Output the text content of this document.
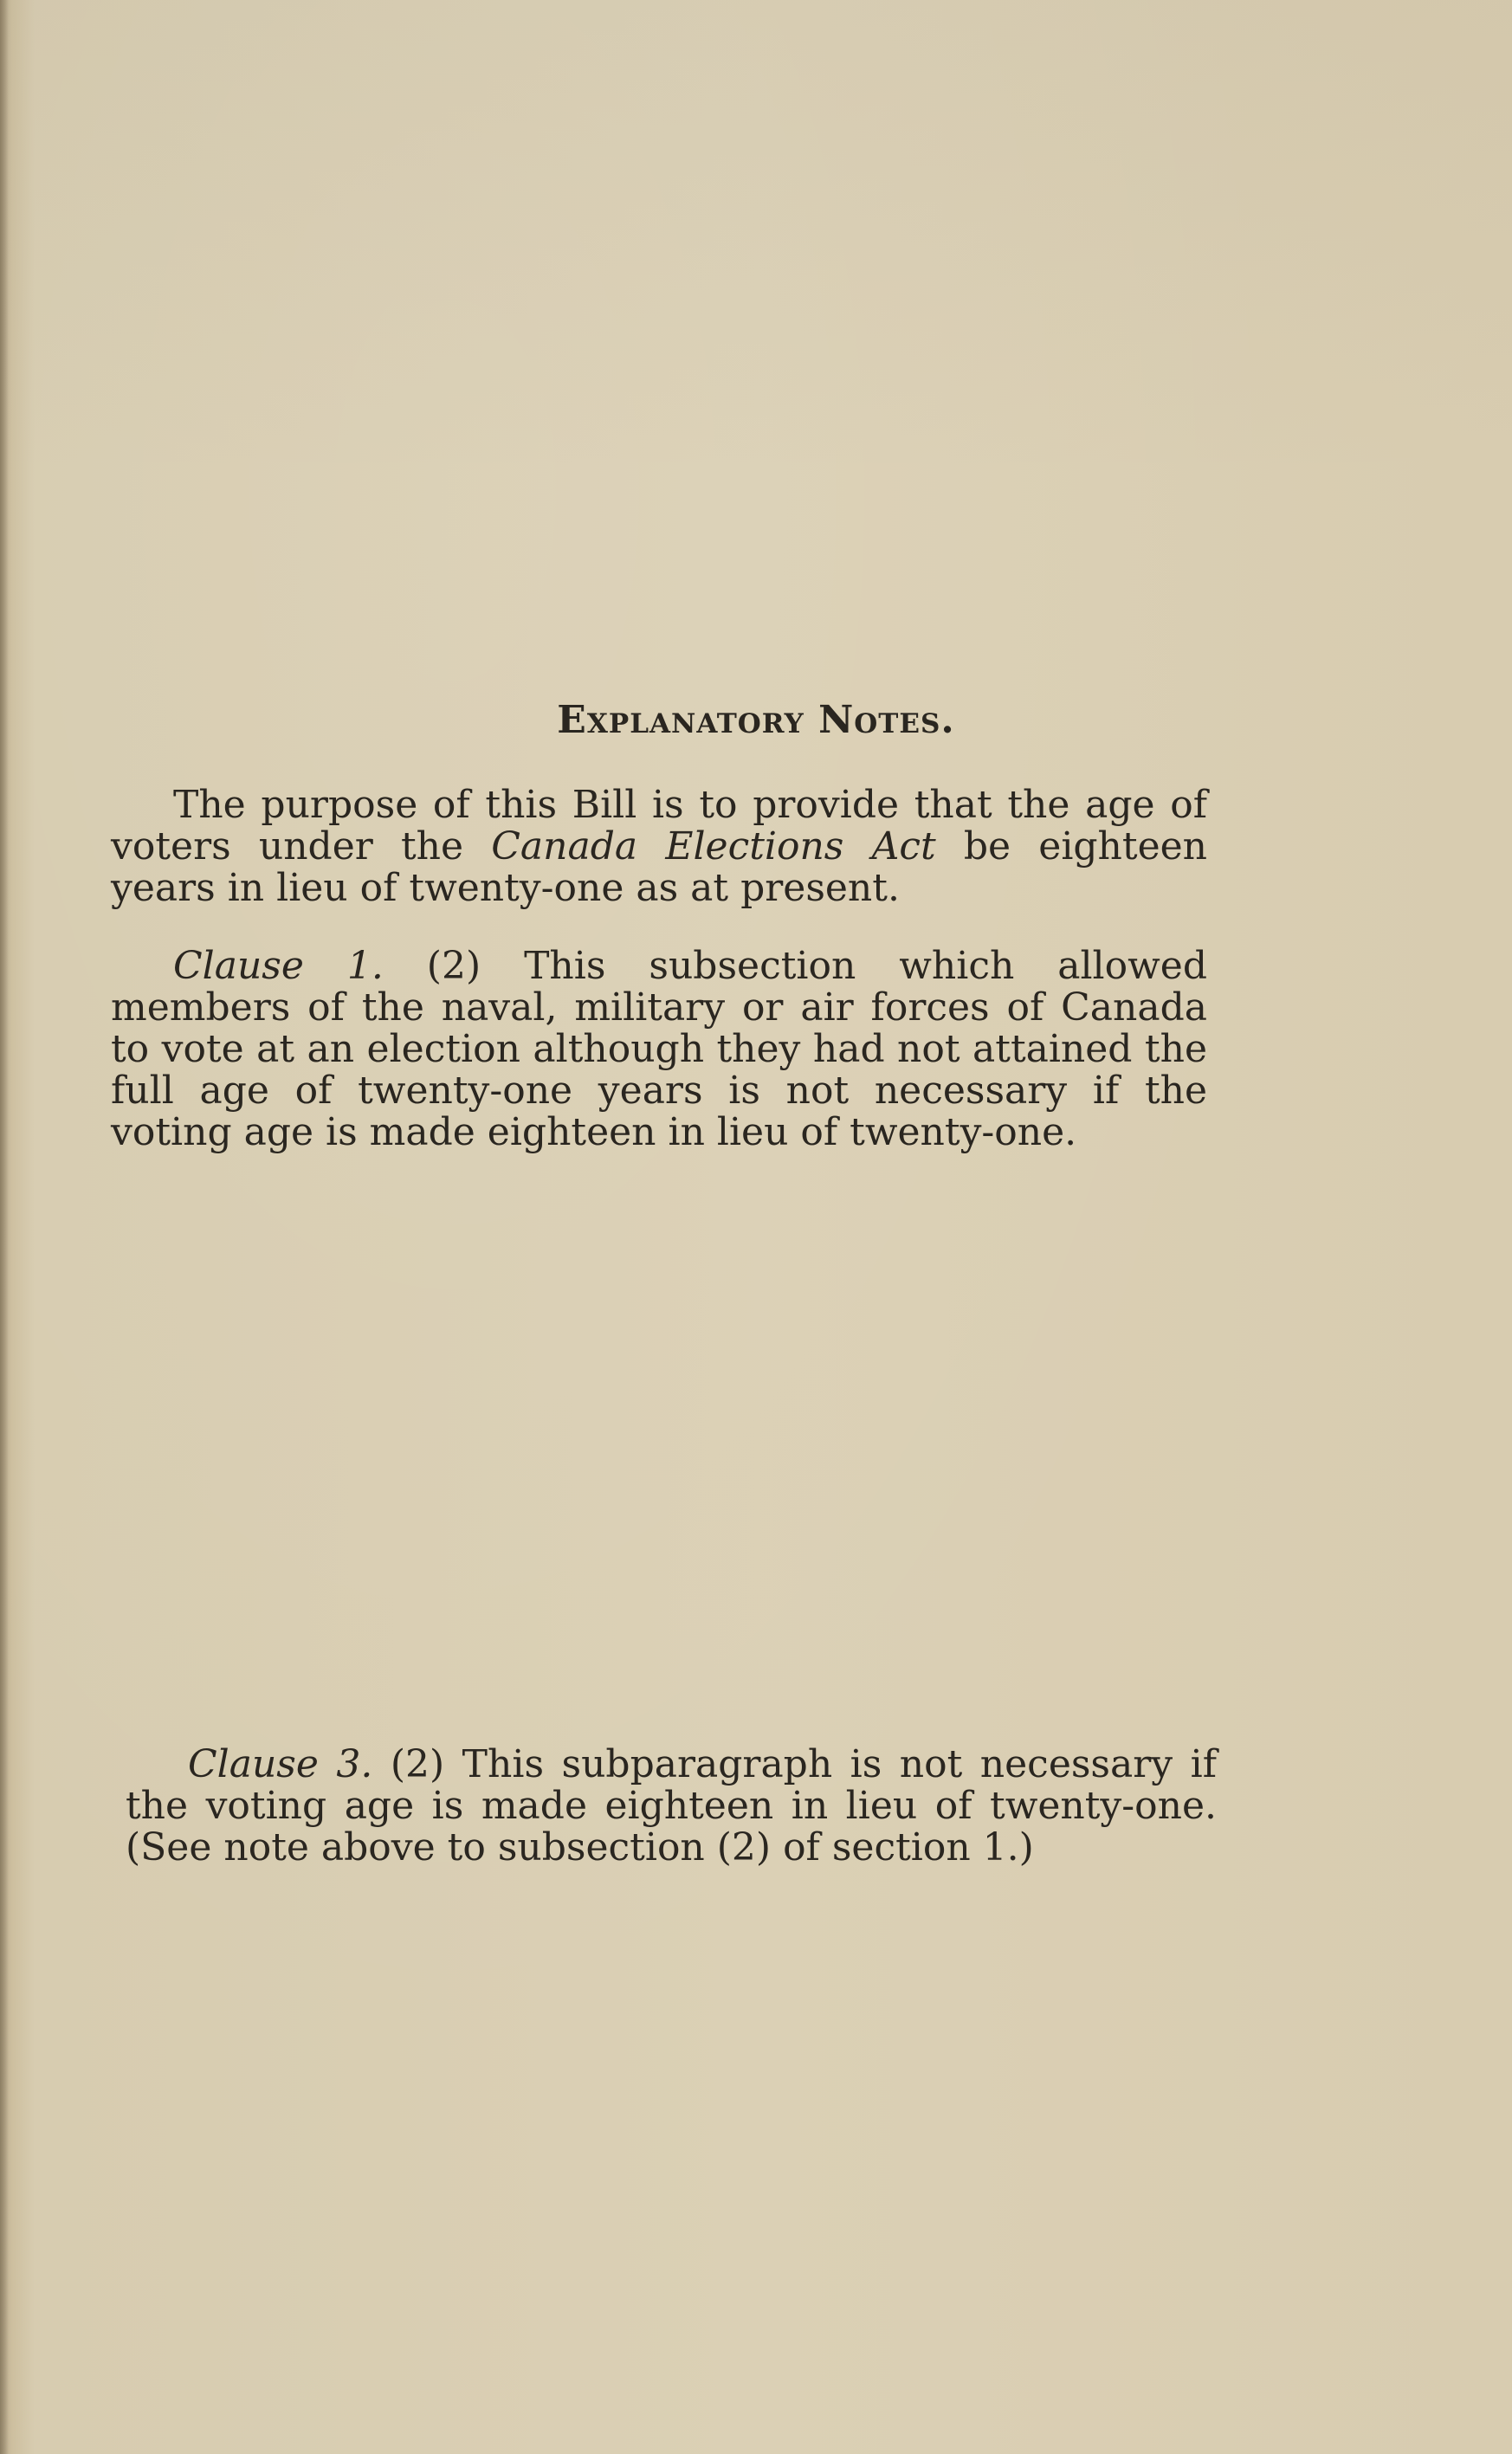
Explanatory Notes.

The purpose of this Bill is to provide that the age of voters under the Canada Elections Act be eighteen years in lieu of twenty-one as at present.

Clause 1. (2) This subsection which allowed members of the naval, military or air forces of Canada to vote at an election although they had not attained the full age of twenty-one years is not necessary if the voting age is made eighteen in lieu of twenty-one.

Clause 3. (2) This subparagraph is not necessary if the voting age is made eighteen in lieu of twenty-one. (See note above to subsection (2) of section 1.)
